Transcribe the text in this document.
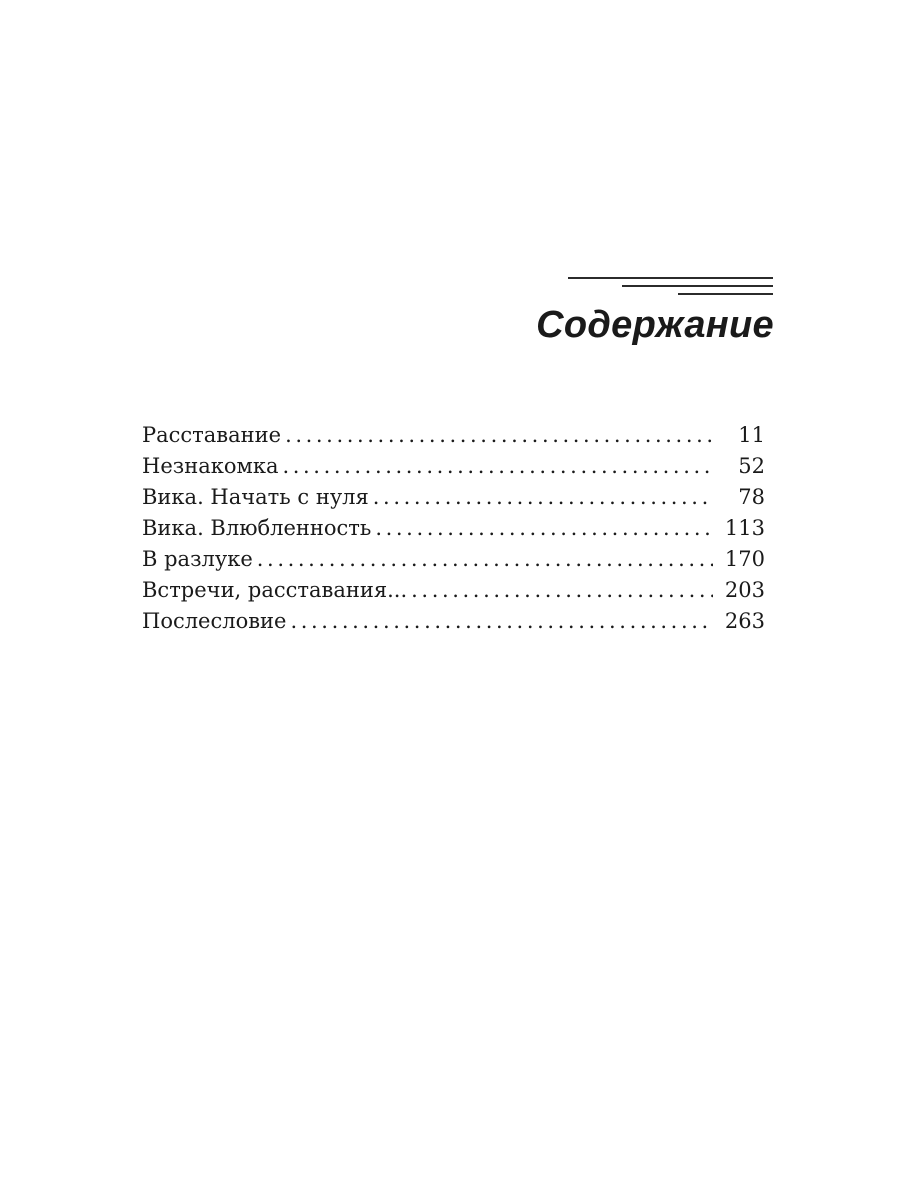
Содержание
Расставание .....	11
Незнакомка .....	52
Вика. Начать с нуля .....	78
Вика. Влюбленность .....	113
В разлуке .....	170
Встречи, расставания... .....	203
Послесловие .....	263
